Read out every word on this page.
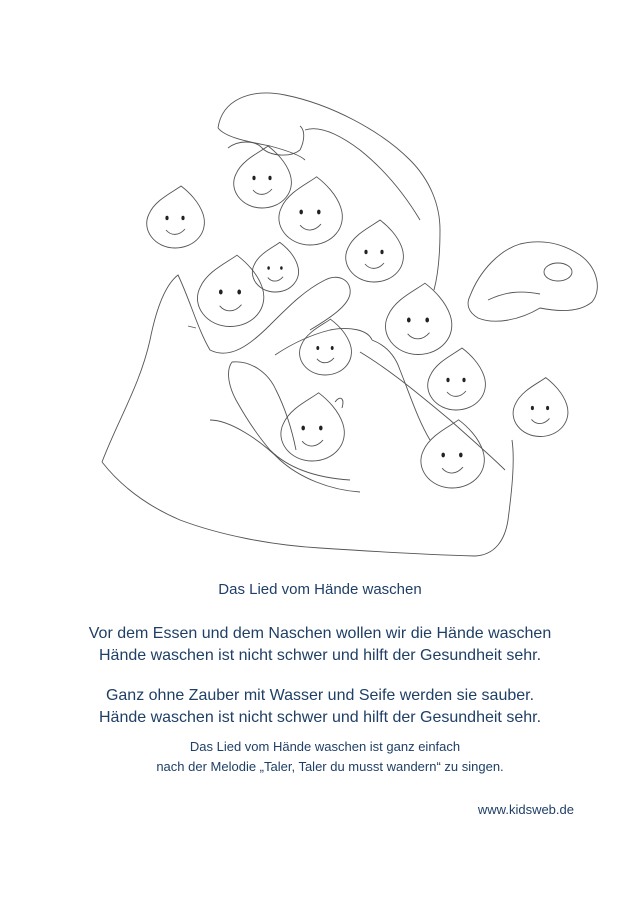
Das Lied vom Hände waschen
Vor dem Essen und dem Naschen wollen wir die Hände waschen
Hände waschen ist nicht schwer und hilft der Gesundheit sehr.
Ganz ohne Zauber mit Wasser und Seife werden sie sauber.
Hände waschen ist nicht schwer und hilft der Gesundheit sehr.
Das Lied vom Hände waschen ist ganz einfach
nach der Melodie „Taler, Taler du musst wandern“ zu singen.
www.kidsweb.de
